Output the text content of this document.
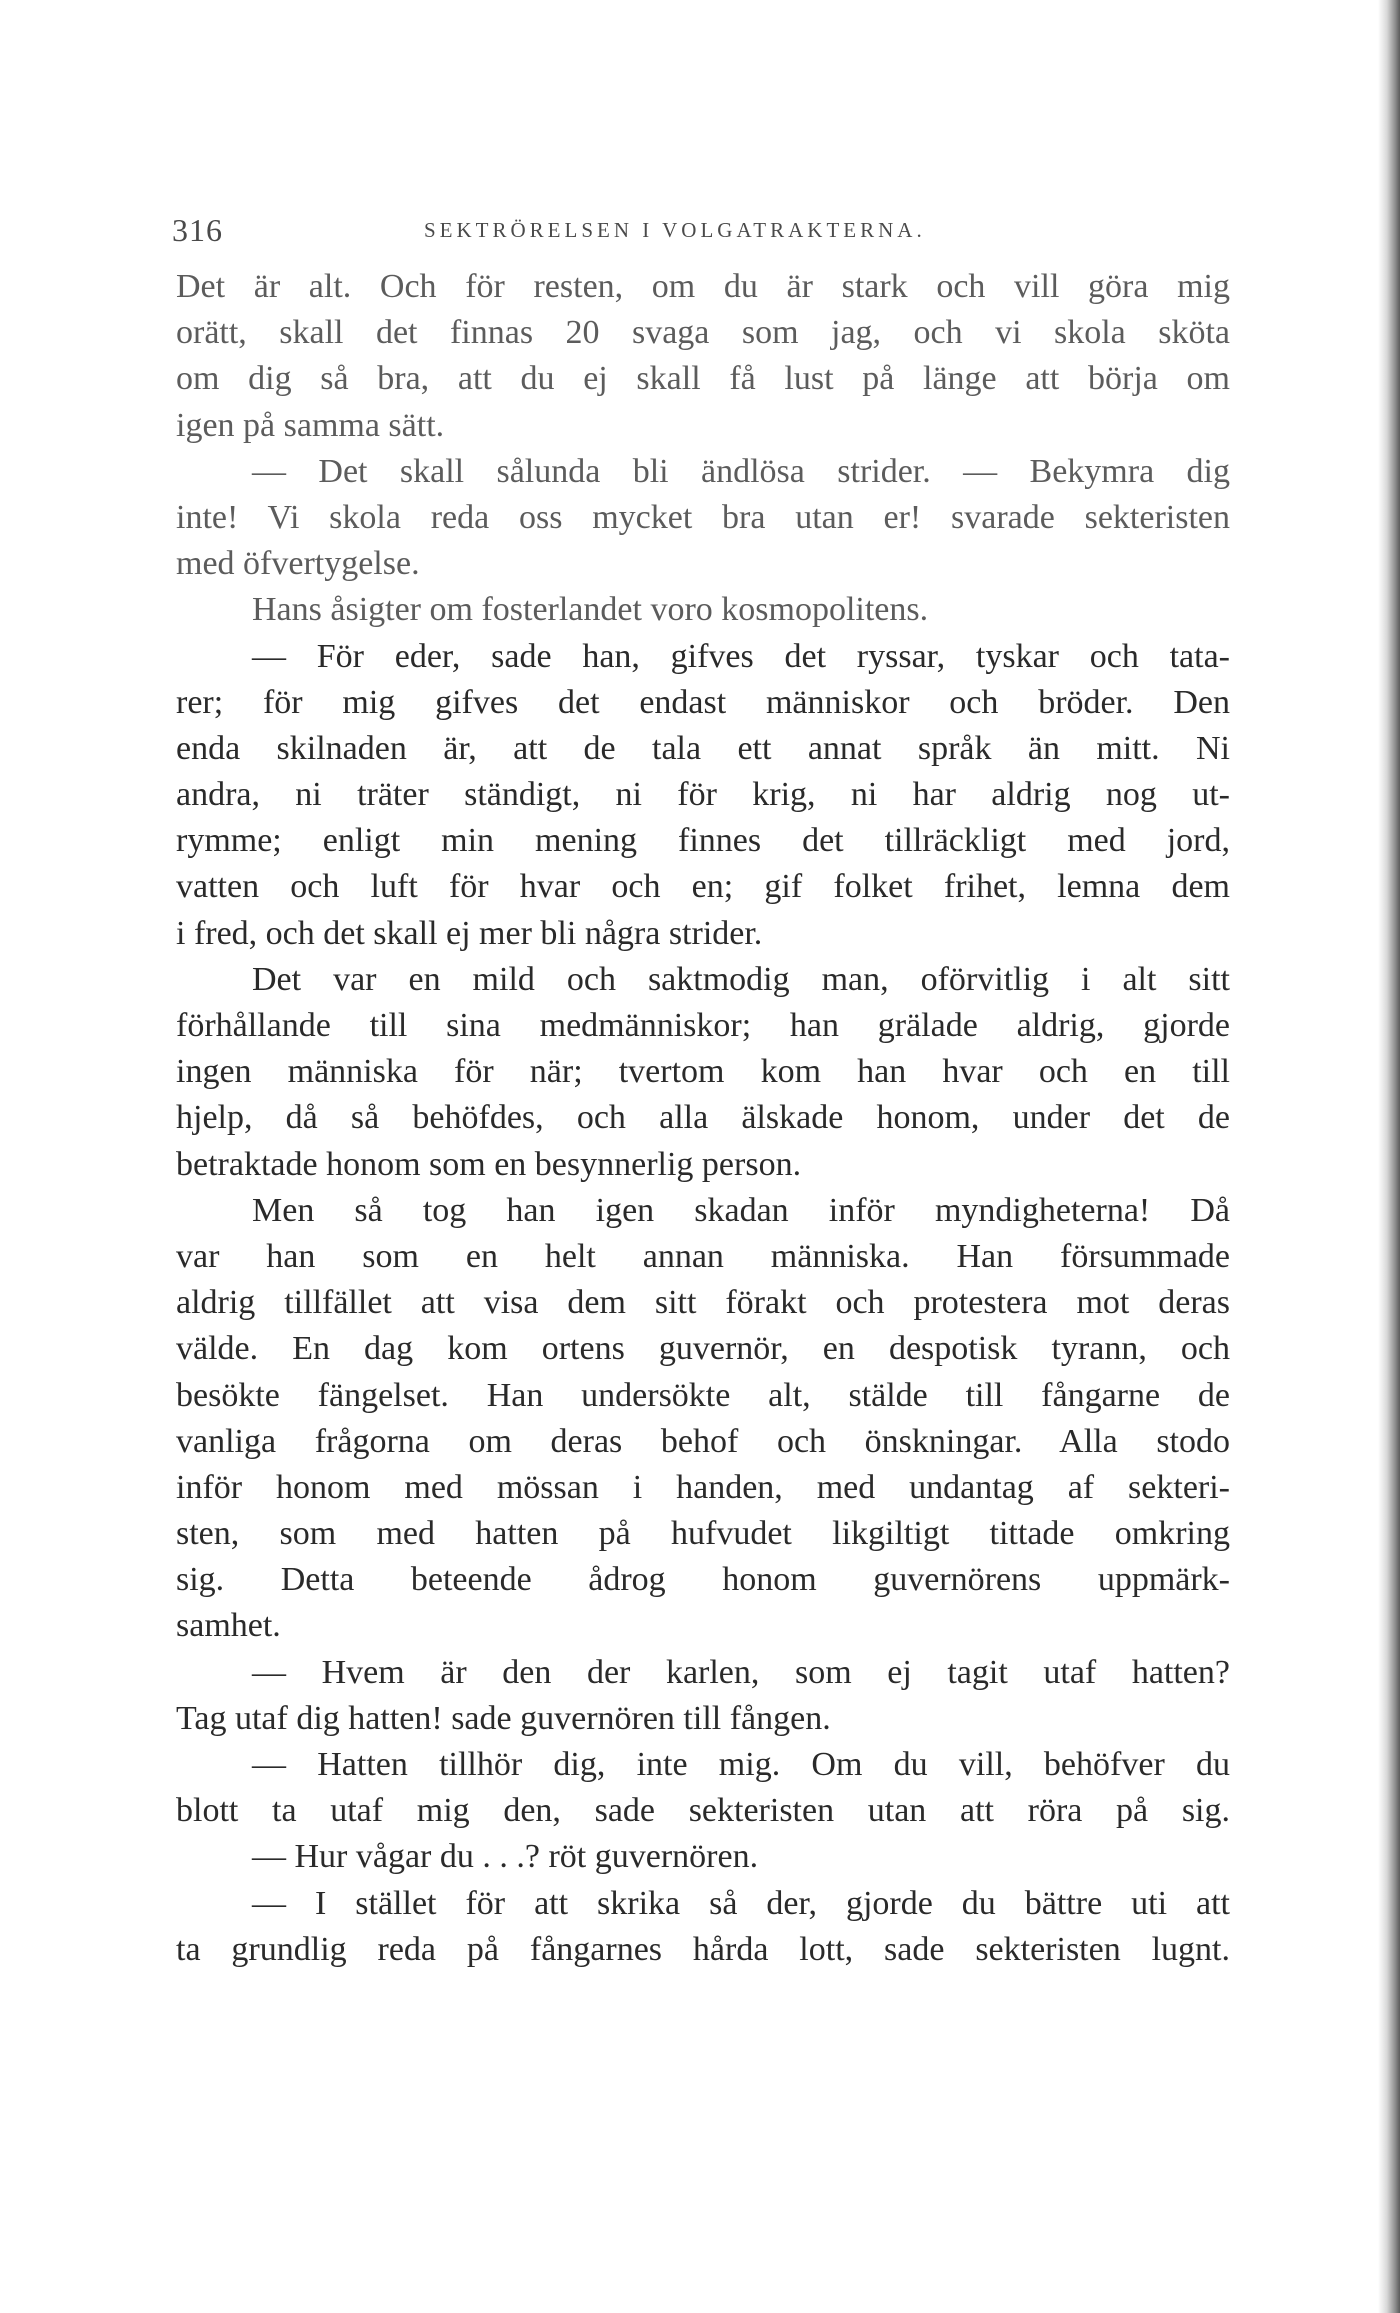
316	SEKTRÖRELSEN I VOLGATRAKTERNA.
Det är alt. Och för resten, om du är stark och vill göra mig
orätt, skall det finnas 20 svaga som jag, och vi skola sköta
om dig så bra, att du ej skall få lust på länge att börja om
igen på samma sätt.
— Det skall sålunda bli ändlösa strider. — Bekymra dig
inte! Vi skola reda oss mycket bra utan er! svarade sekteristen
med öfvertygelse.
Hans åsigter om fosterlandet voro kosmopolitens.
— För eder, sade han, gifves det ryssar, tyskar och tata-
rer; för mig gifves det endast människor och bröder. Den
enda skilnaden är, att de tala ett annat språk än mitt. Ni
andra, ni träter ständigt, ni för krig, ni har aldrig nog ut-
rymme; enligt min mening finnes det tillräckligt med jord,
vatten och luft för hvar och en; gif folket frihet, lemna dem
i fred, och det skall ej mer bli några strider.
Det var en mild och saktmodig man, oförvitlig i alt sitt
förhållande till sina medmänniskor; han grälade aldrig, gjorde
ingen människa för när; tvertom kom han hvar och en till
hjelp, då så behöfdes, och alla älskade honom, under det de
betraktade honom som en besynnerlig person.
Men så tog han igen skadan inför myndigheterna! Då
var han som en helt annan människa. Han försummade
aldrig tillfället att visa dem sitt förakt och protestera mot deras
välde. En dag kom ortens guvernör, en despotisk tyrann, och
besökte fängelset. Han undersökte alt, stälde till fångarne de
vanliga frågorna om deras behof och önskningar. Alla stodo
inför honom med mössan i handen, med undantag af sekteri-
sten, som med hatten på hufvudet likgiltigt tittade omkring
sig. Detta beteende ådrog honom guvernörens uppmärk-
samhet.
— Hvem är den der karlen, som ej tagit utaf hatten?
Tag utaf dig hatten! sade guvernören till fången.
— Hatten tillhör dig, inte mig. Om du vill, behöfver du
blott ta utaf mig den, sade sekteristen utan att röra på sig.
— Hur vågar du . . .? röt guvernören.
— I stället för att skrika så der, gjorde du bättre uti att
ta grundlig reda på fångarnes hårda lott, sade sekteristen lugnt.
